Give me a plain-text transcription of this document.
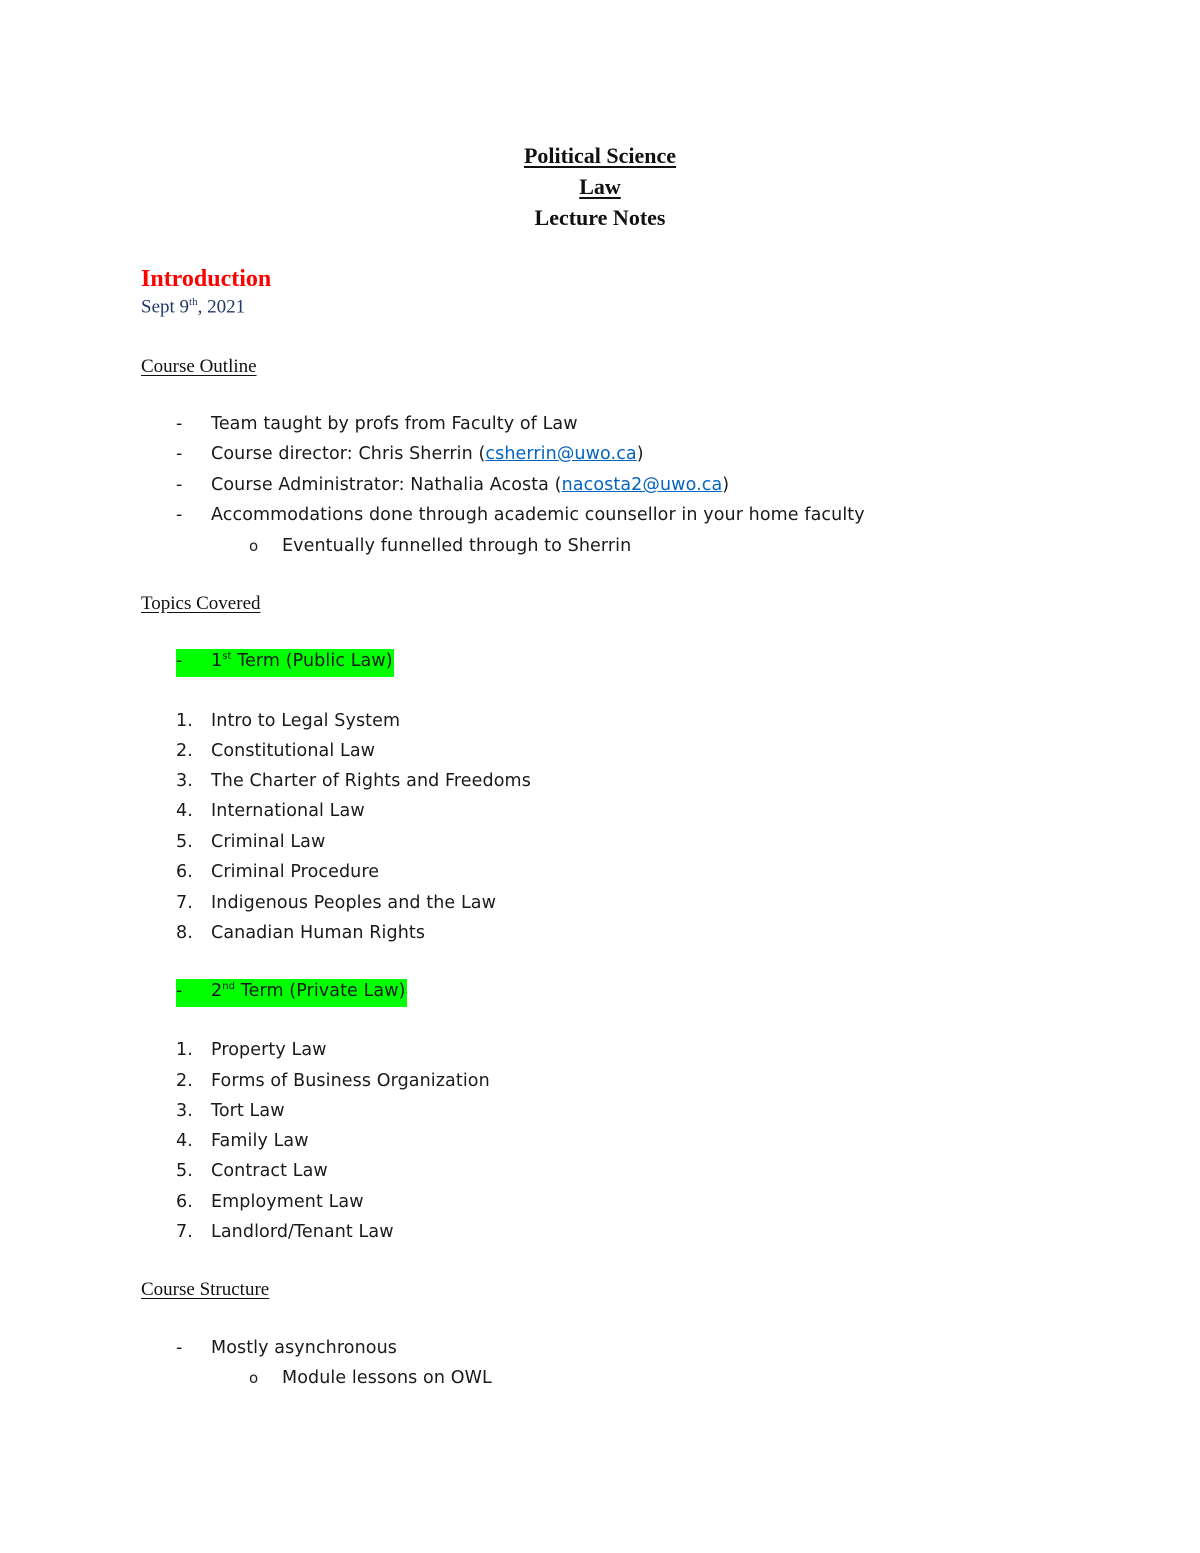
Political Science
Law
Lecture Notes
Introduction
Sept 9th, 2021
Course Outline
- Team taught by profs from Faculty of Law
- Course director: Chris Sherrin (csherrin@uwo.ca)
- Course Administrator: Nathalia Acosta (nacosta2@uwo.ca)
- Accommodations done through academic counsellor in your home faculty
o Eventually funnelled through to Sherrin
Topics Covered
- 1st Term (Public Law)
1. Intro to Legal System
2. Constitutional Law
3. The Charter of Rights and Freedoms
4. International Law
5. Criminal Law
6. Criminal Procedure
7. Indigenous Peoples and the Law
8. Canadian Human Rights
- 2nd Term (Private Law)
1. Property Law
2. Forms of Business Organization
3. Tort Law
4. Family Law
5. Contract Law
6. Employment Law
7. Landlord/Tenant Law
Course Structure
- Mostly asynchronous
o Module lessons on OWL
